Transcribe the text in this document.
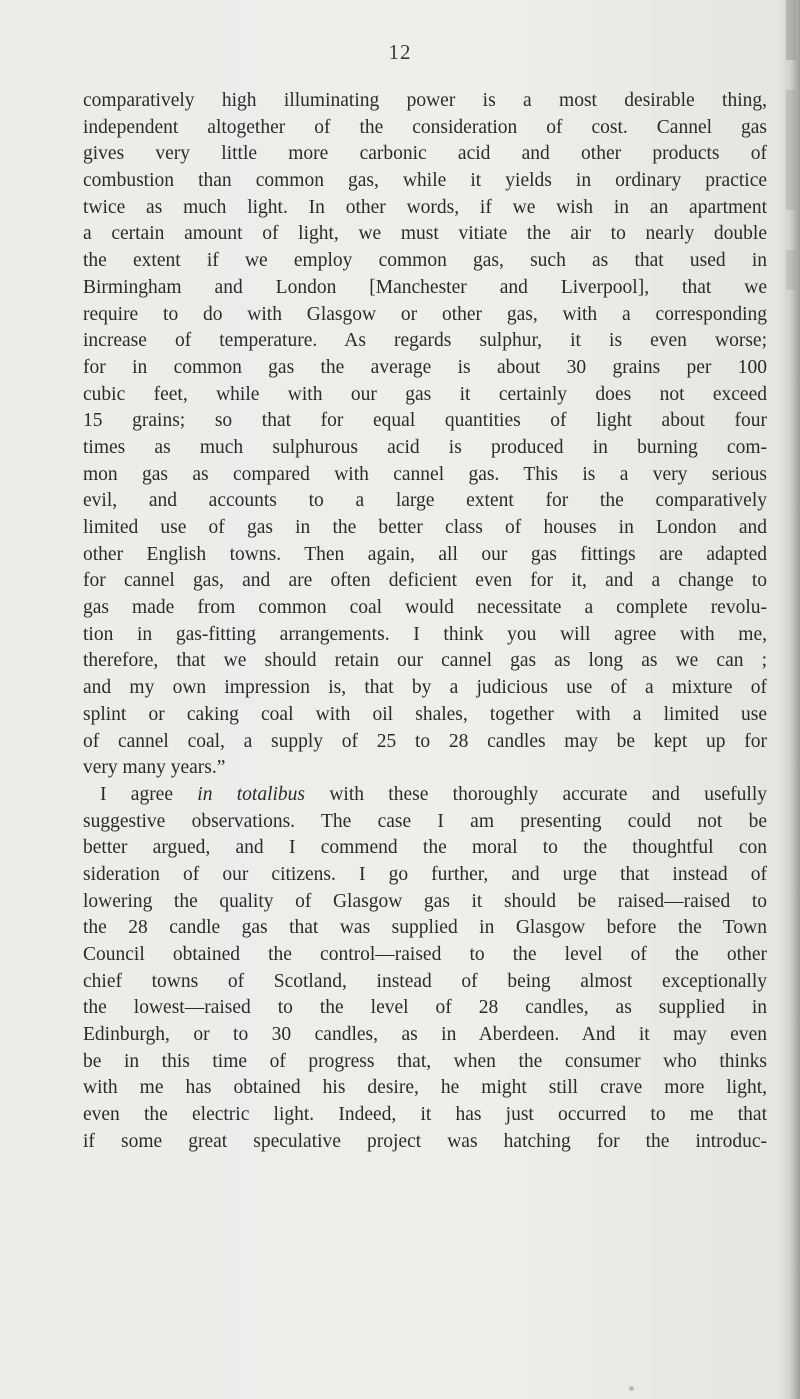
12
comparatively high illuminating power is a most desirable thing,
independent altogether of the consideration of cost. Cannel gas
gives very little more carbonic acid and other products of
combustion than common gas, while it yields in ordinary practice
twice as much light. In other words, if we wish in an apartment
a certain amount of light, we must vitiate the air to nearly double
the extent if we employ common gas, such as that used in
Birmingham and London [Manchester and Liverpool], that we
require to do with Glasgow or other gas, with a corresponding
increase of temperature. As regards sulphur, it is even worse;
for in common gas the average is about 30 grains per 100
cubic feet, while with our gas it certainly does not exceed
15 grains; so that for equal quantities of light about four
times as much sulphurous acid is produced in burning com-
mon gas as compared with cannel gas. This is a very serious
evil, and accounts to a large extent for the comparatively
limited use of gas in the better class of houses in London and
other English towns. Then again, all our gas fittings are adapted
for cannel gas, and are often deficient even for it, and a change to
gas made from common coal would necessitate a complete revolu-
tion in gas-fitting arrangements. I think you will agree with me,
therefore, that we should retain our cannel gas as long as we can ;
and my own impression is, that by a judicious use of a mixture of
splint or caking coal with oil shales, together with a limited use
of cannel coal, a supply of 25 to 28 candles may be kept up for
very many years.”
I agree in totalibus with these thoroughly accurate and usefully
suggestive observations. The case I am presenting could not be
better argued, and I commend the moral to the thoughtful con
sideration of our citizens. I go further, and urge that instead of
lowering the quality of Glasgow gas it should be raised—raised to
the 28 candle gas that was supplied in Glasgow before the Town
Council obtained the control—raised to the level of the other
chief towns of Scotland, instead of being almost exceptionally
the lowest—raised to the level of 28 candles, as supplied in
Edinburgh, or to 30 candles, as in Aberdeen. And it may even
be in this time of progress that, when the consumer who thinks
with me has obtained his desire, he might still crave more light,
even the electric light. Indeed, it has just occurred to me that
if some great speculative project was hatching for the introduc-
